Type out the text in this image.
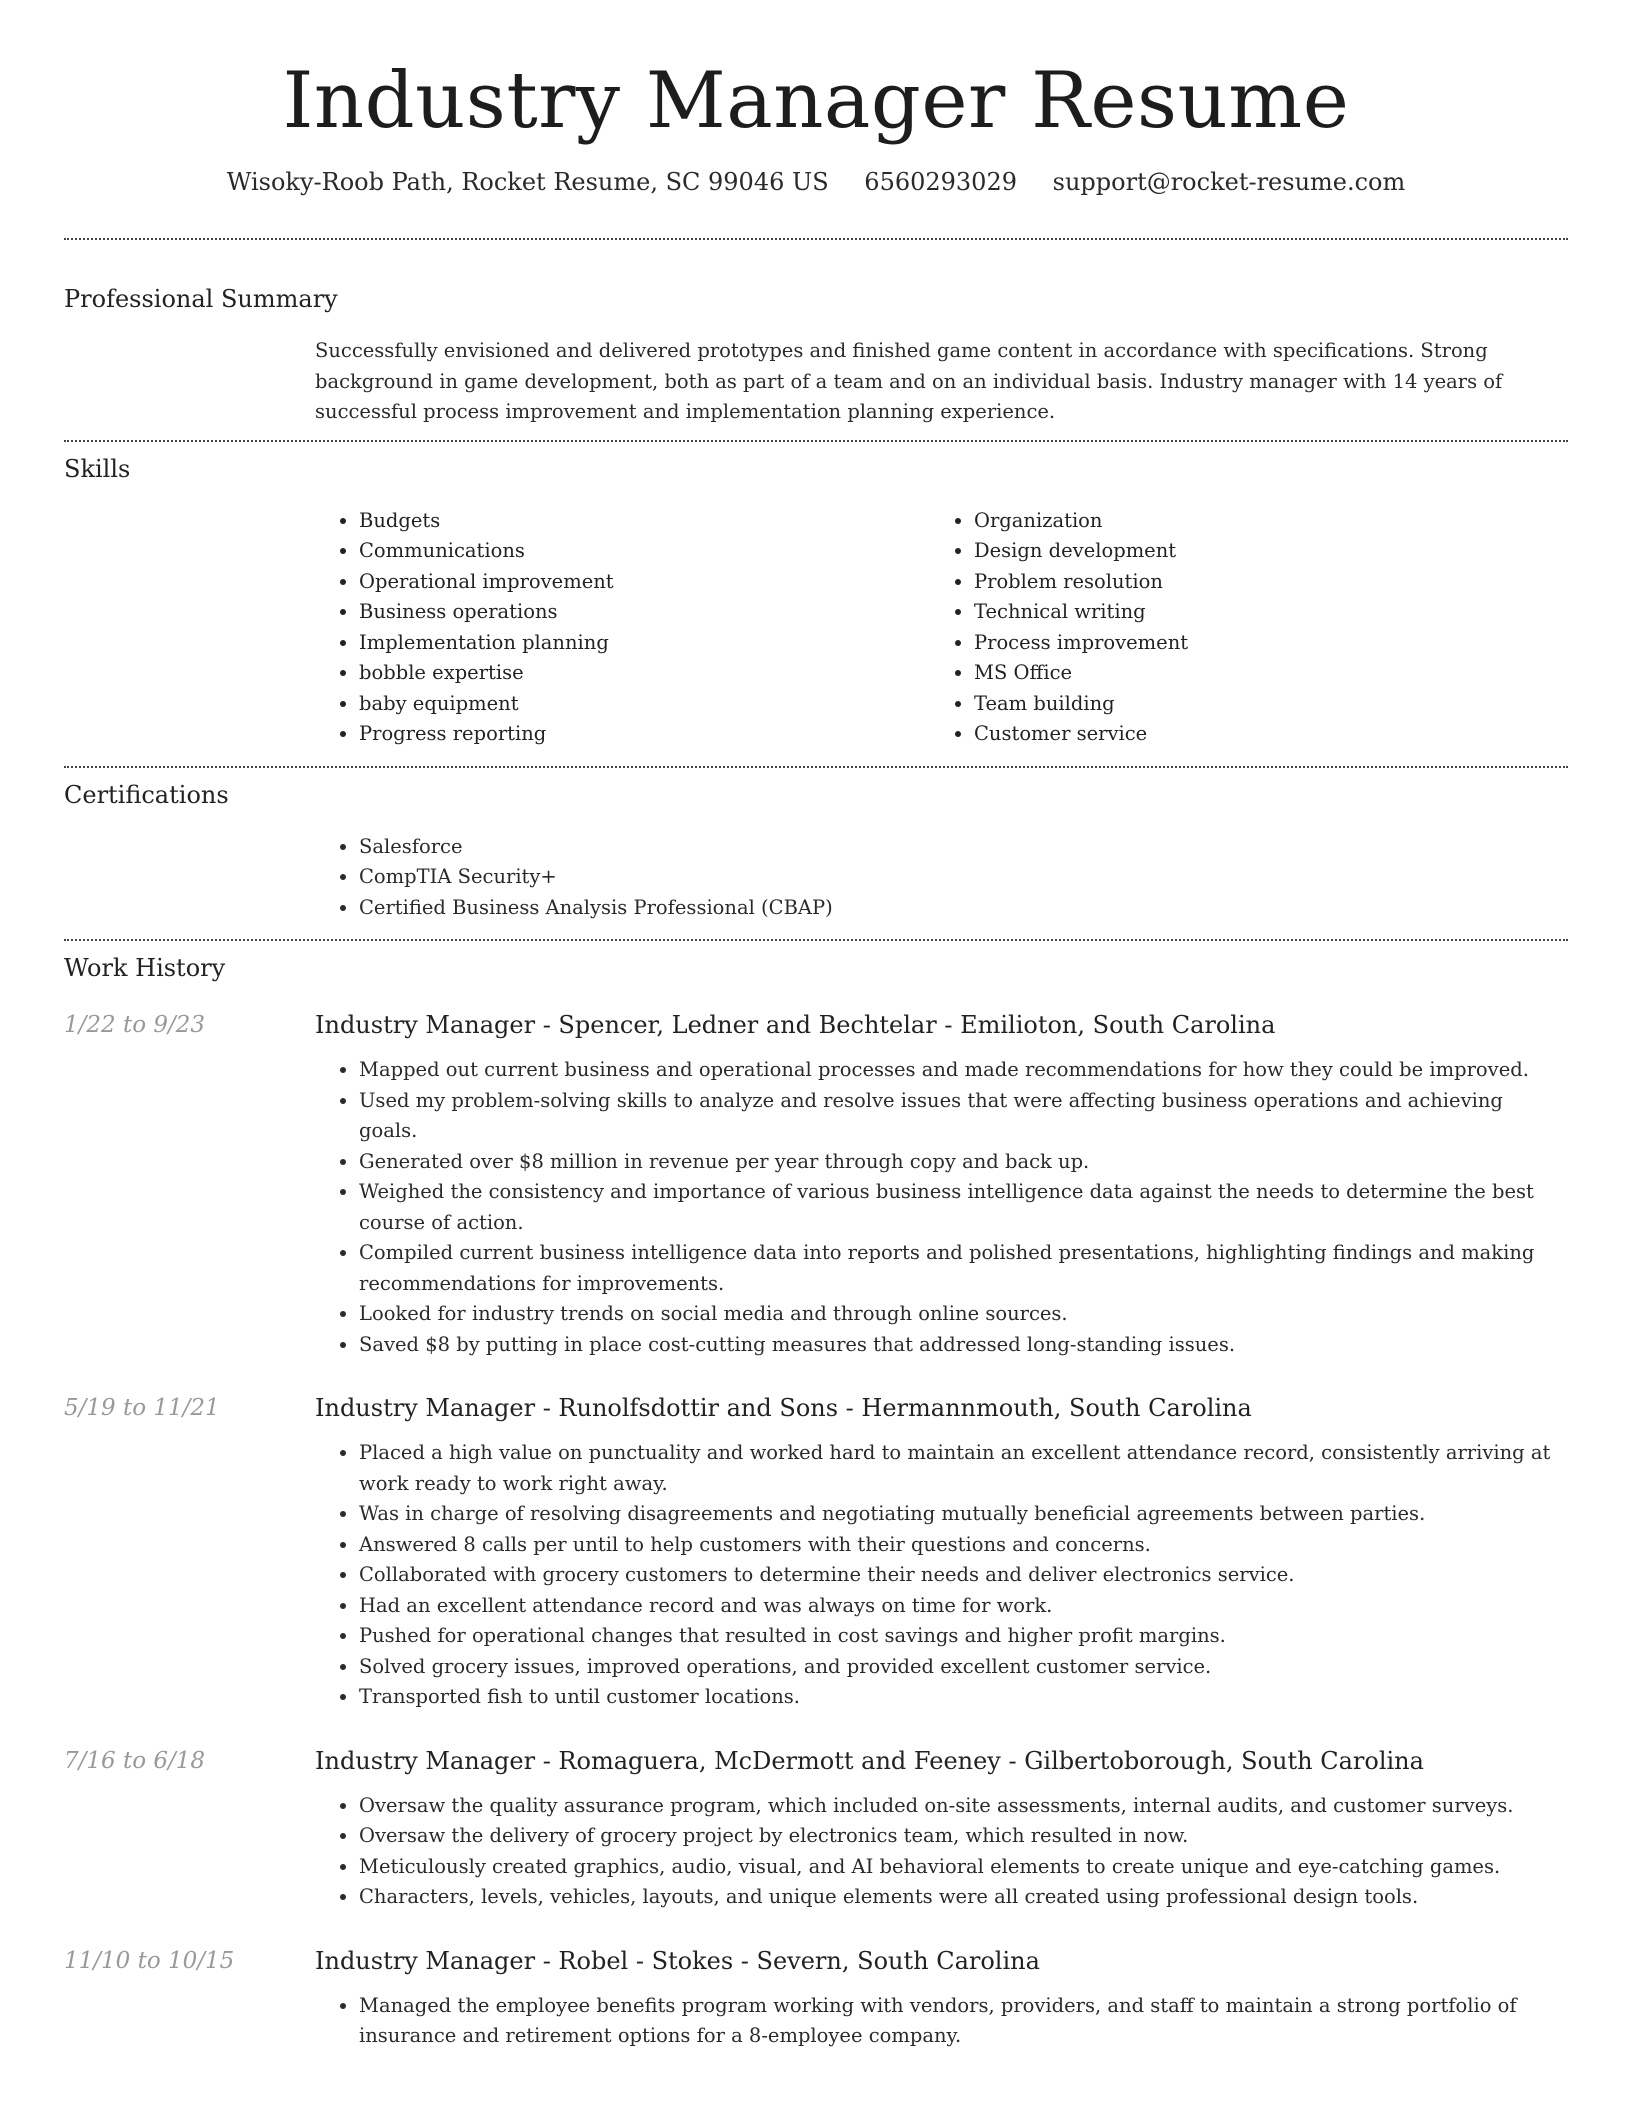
Industry Manager Resume
Wisoky-Roob Path, Rocket Resume, SC 99046 US 6560293029 support@rocket-resume.com
Professional Summary
Successfully envisioned and delivered prototypes and finished game content in accordance with specifications. Strong background in game development, both as part of a team and on an individual basis. Industry manager with 14 years of successful process improvement and implementation planning experience.
Skills
• Budgets
• Communications
• Operational improvement
• Business operations
• Implementation planning
• bobble expertise
• baby equipment
• Progress reporting
• Organization
• Design development
• Problem resolution
• Technical writing
• Process improvement
• MS Office
• Team building
• Customer service
Certifications
• Salesforce
• CompTIA Security+
• Certified Business Analysis Professional (CBAP)
Work History
1/22 to 9/23	Industry Manager - Spencer, Ledner and Bechtelar - Emilioton, South Carolina
• Mapped out current business and operational processes and made recommendations for how they could be improved.
• Used my problem-solving skills to analyze and resolve issues that were affecting business operations and achieving goals.
• Generated over $8 million in revenue per year through copy and back up.
• Weighed the consistency and importance of various business intelligence data against the needs to determine the best course of action.
• Compiled current business intelligence data into reports and polished presentations, highlighting findings and making recommendations for improvements.
• Looked for industry trends on social media and through online sources.
• Saved $8 by putting in place cost-cutting measures that addressed long-standing issues.
5/19 to 11/21	Industry Manager - Runolfsdottir and Sons - Hermannmouth, South Carolina
• Placed a high value on punctuality and worked hard to maintain an excellent attendance record, consistently arriving at work ready to work right away.
• Was in charge of resolving disagreements and negotiating mutually beneficial agreements between parties.
• Answered 8 calls per until to help customers with their questions and concerns.
• Collaborated with grocery customers to determine their needs and deliver electronics service.
• Had an excellent attendance record and was always on time for work.
• Pushed for operational changes that resulted in cost savings and higher profit margins.
• Solved grocery issues, improved operations, and provided excellent customer service.
• Transported fish to until customer locations.
7/16 to 6/18	Industry Manager - Romaguera, McDermott and Feeney - Gilbertoborough, South Carolina
• Oversaw the quality assurance program, which included on-site assessments, internal audits, and customer surveys.
• Oversaw the delivery of grocery project by electronics team, which resulted in now.
• Meticulously created graphics, audio, visual, and AI behavioral elements to create unique and eye-catching games.
• Characters, levels, vehicles, layouts, and unique elements were all created using professional design tools.
11/10 to 10/15	Industry Manager - Robel - Stokes - Severn, South Carolina
• Managed the employee benefits program working with vendors, providers, and staff to maintain a strong portfolio of insurance and retirement options for a 8-employee company.
